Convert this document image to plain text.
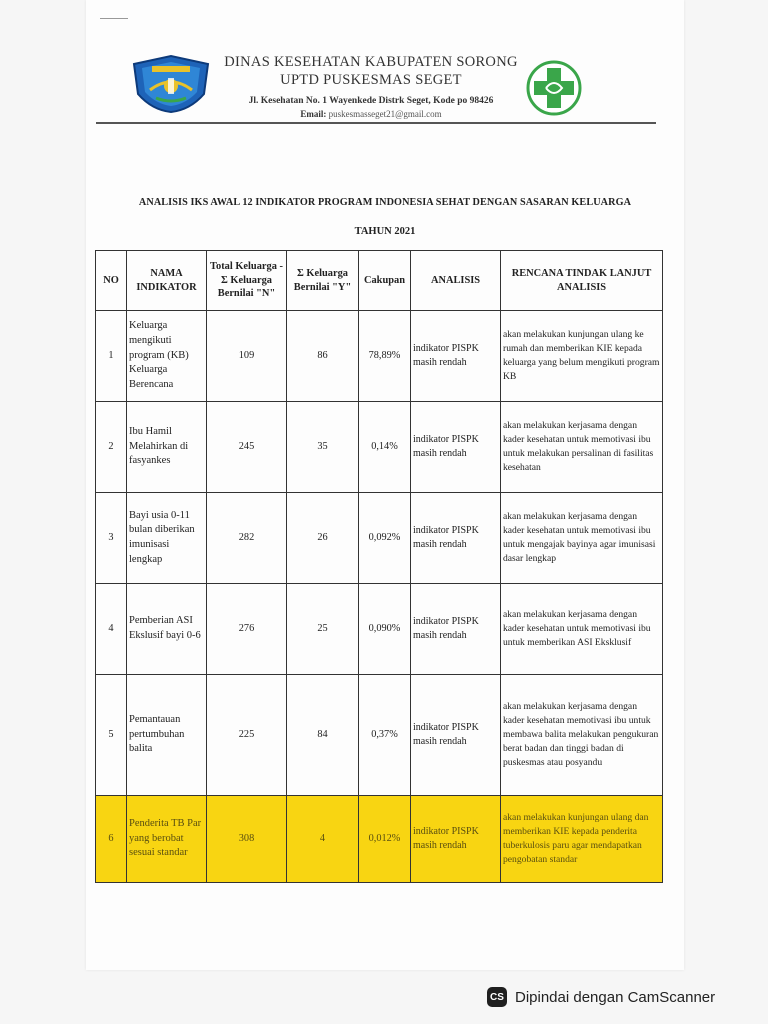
DINAS KESEHATAN KABUPATEN SORONG
UPTD PUSKESMAS SEGET
Jl. Kesehatan No. 1 Wayenkede Distrk Seget, Kode po 98426
Email: puskesmasseget21@gmail.com
ANALISIS IKS AWAL 12 INDIKATOR PROGRAM INDONESIA SEHAT DENGAN SASARAN KELUARGA
TAHUN 2021
NO	NAMA INDIKATOR	Total Keluarga - Σ Keluarga Bernilai "N"	Σ Keluarga Bernilai "Y"	Cakupan	ANALISIS	RENCANA TINDAK LANJUT ANALISIS
1	Keluarga mengikuti program (KB) Keluarga Berencana	109	86	78,89%	indikator PISPK masih rendah	akan melakukan kunjungan ulang ke rumah dan memberikan KIE kepada keluarga yang belum mengikuti program KB
2	Ibu Hamil Melahirkan di fasyankes	245	35	0,14%	indikator PISPK masih rendah	akan melakukan kerjasama dengan kader kesehatan untuk memotivasi ibu untuk melakukan persalinan di fasilitas kesehatan
3	Bayi usia 0-11 bulan diberikan imunisasi lengkap	282	26	0,092%	indikator PISPK masih rendah	akan melakukan kerjasama dengan kader kesehatan untuk memotivasi ibu untuk mengajak bayinya agar imunisasi dasar lengkap
4	Pemberian ASI Ekslusif bayi 0-6	276	25	0,090%	indikator PISPK masih rendah	akan melakukan kerjasama dengan kader kesehatan untuk memotivasi ibu untuk memberikan ASI Eksklusif
5	Pemantauan pertumbuhan balita	225	84	0,37%	indikator PISPK masih rendah	akan melakukan kerjasama dengan kader kesehatan memotivasi ibu untuk membawa balita melakukan pengukuran berat badan dan tinggi badan di puskesmas atau posyandu
6	Penderita TB Par yang berobat sesuai standar	308	4	0,012%	indikator PISPK masih rendah	akan melakukan kunjungan ulang dan memberikan KIE kepada penderita tuberkulosis paru agar mendapatkan pengobatan standar
CS Dipindai dengan CamScanner
